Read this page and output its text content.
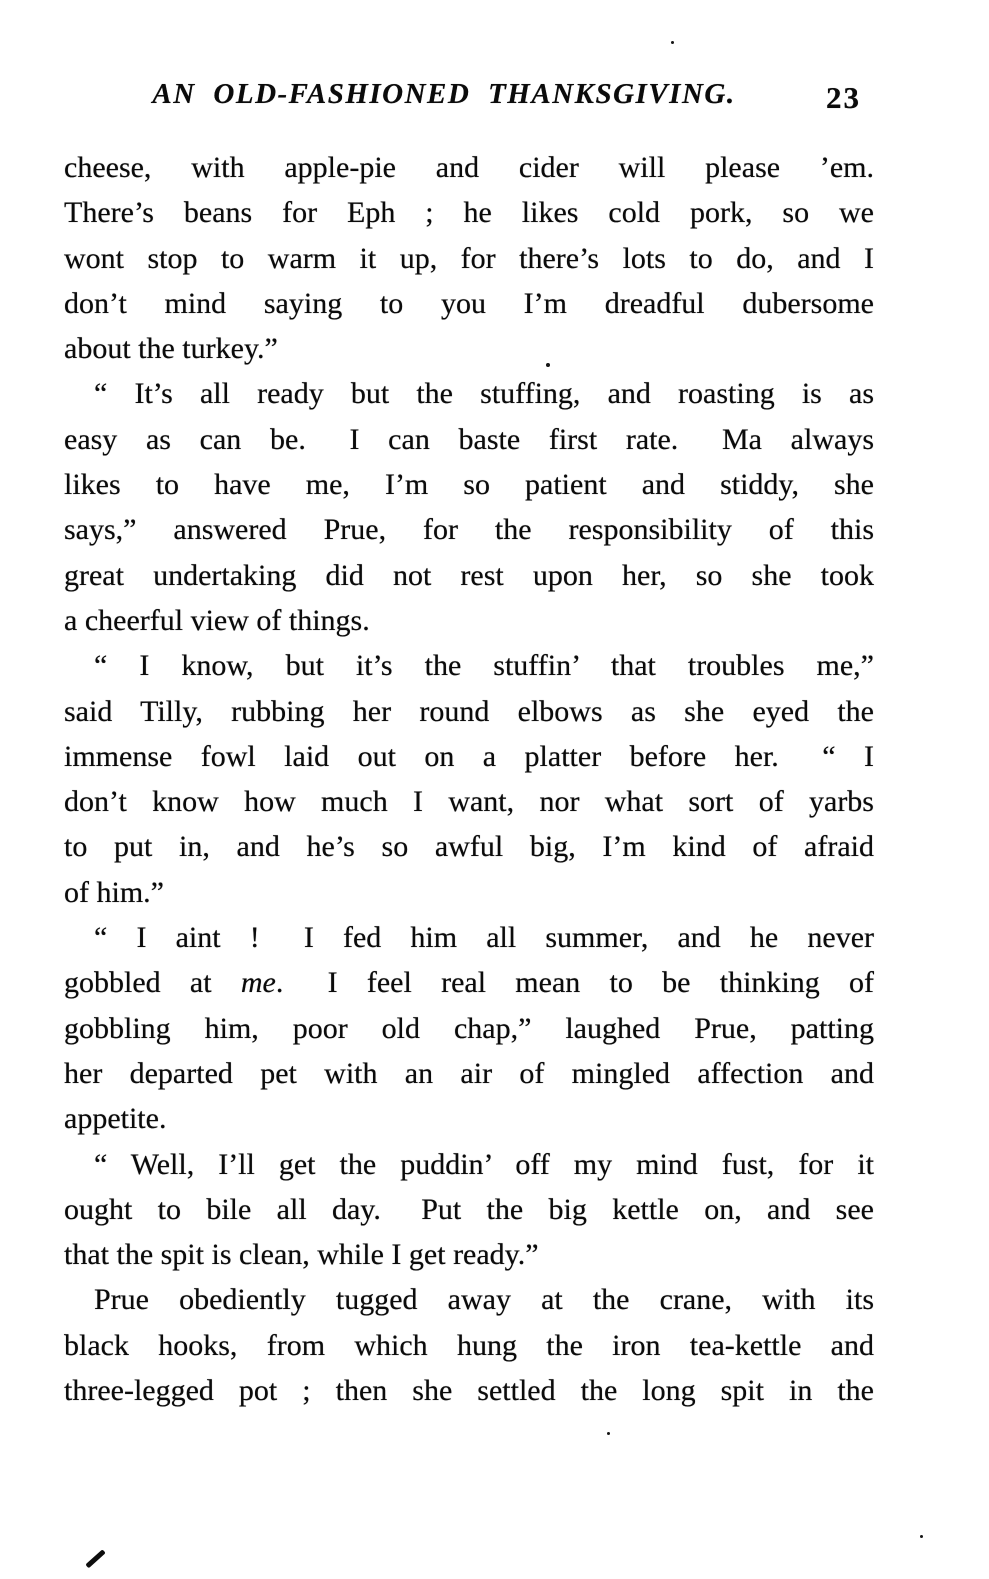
AN OLD-FASHIONED THANKSGIVING.	23

cheese, with apple-pie and cider will please ’em.
There’s beans for Eph ; he likes cold pork, so we
wont stop to warm it up, for there’s lots to do, and I
don’t mind saying to you I’m dreadful dubersome
about the turkey.”

“ It’s all ready but the stuffing, and roasting is as
easy as can be.  I can baste first rate.  Ma always
likes to have me, I’m so patient and stiddy, she
says,” answered Prue, for the responsibility of this
great undertaking did not rest upon her, so she took
a cheerful view of things.

“ I know, but it’s the stuffin’ that troubles me,”
said Tilly, rubbing her round elbows as she eyed the
immense fowl laid out on a platter before her.  “ I
don’t know how much I want, nor what sort of yarbs
to put in, and he’s so awful big, I’m kind of afraid
of him.”

“ I aint !  I fed him all summer, and he never
gobbled at me.  I feel real mean to be thinking of
gobbling him, poor old chap,” laughed Prue, patting
her departed pet with an air of mingled affection and
appetite.

“ Well, I’ll get the puddin’ off my mind fust, for it
ought to bile all day.  Put the big kettle on, and see
that the spit is clean, while I get ready.”

Prue obediently tugged away at the crane, with its
black hooks, from which hung the iron tea-kettle and
three-legged pot ; then she settled the long spit in the
